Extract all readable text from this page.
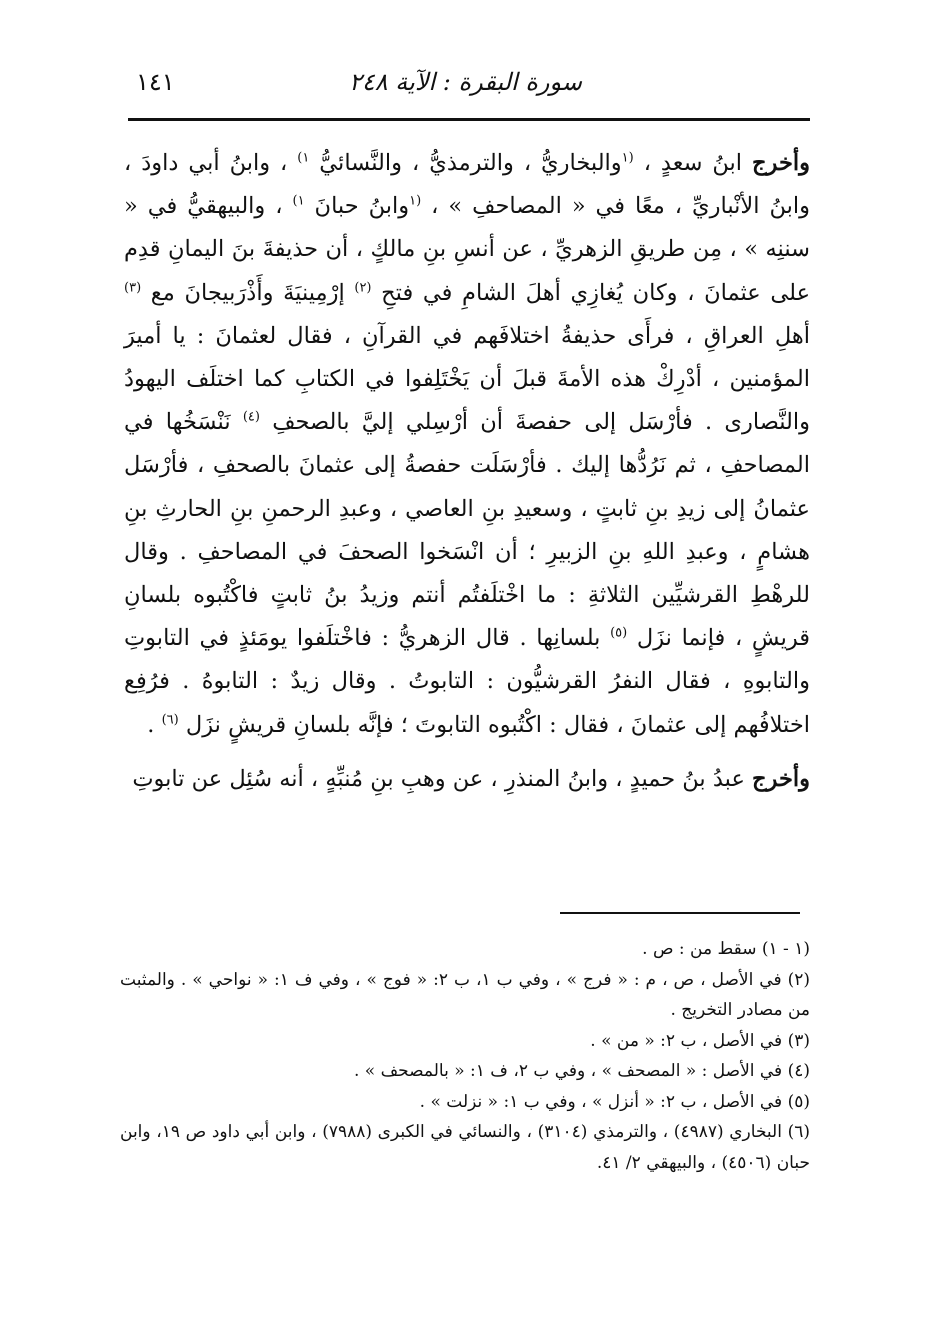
سورة البقرة : الآية ٢٤٨
١٤١

وأخرج ابنُ سعدٍ ، $^{(١}$والبخاريُّ ، والترمذيُّ ، والنَّسائيُّ $^{١)}$ ، وابنُ أبي داودَ ، وابنُ الأنْباريِّ ، معًا في « المصاحفِ » ، $^{(١}$وابنُ حبانَ $^{١)}$ ، والبيهقيُّ في « سننِه » ، مِن طريقِ الزهريِّ ، عن أنسِ بنِ مالكٍ ، أن حذيفةَ بنَ اليمانِ قدِم على عثمانَ ، وكان يُغازِي أهلَ الشامِ في فتحِ $^{(٢)}$ إرْمِينيَةَ وأَذْرَبيجانَ مع $^{(٣)}$ أهلِ العراقِ ، فرأَى حذيفةُ اختلافَهم في القرآنِ ، فقال لعثمانَ : يا أميرَ المؤمنين ، أدْرِكْ هذه الأمةَ قبلَ أن يَخْتَلِفوا في الكتابِ كما اختلَف اليهودُ والنَّصارى . فأرْسَل إلى حفصةَ أن أرْسِلي إليَّ بالصحفِ $^{(٤)}$ نَنْسَخُها في المصاحفِ ، ثم نَرُدُّها إليك . فأرْسَلَت حفصةُ إلى عثمانَ بالصحفِ ، فأرْسَل عثمانُ إلى زيدِ بنِ ثابتٍ ، وسعيدِ بنِ العاصي ، وعبدِ الرحمنِ بنِ الحارثِ بنِ هشامٍ ، وعبدِ اللهِ بنِ الزبيرِ ؛ أن انْسَخوا الصحفَ في المصاحفِ . وقال للرهْطِ القرشيِّين الثلاثةِ : ما اخْتلَفتُم أنتم وزيدُ بنُ ثابتٍ فاكْتُبوه بلسانِ قريشٍ ، فإنما نزَل $^{(٥)}$ بلسانِها . قال الزهريُّ : فاخْتلَفوا يومَئذٍ في التابوتِ والتابوهِ ، فقال النفرُ القرشيُّون : التابوتُ . وقال زيدٌ : التابوهُ . فرُفِع اختلافُهم إلى عثمانَ ، فقال : اكْتُبوه التابوتَ ؛ فإنَّه بلسانِ قريشٍ نزَل $^{(٦)}$ .

وأخرج عبدُ بنُ حميدٍ ، وابنُ المنذرِ ، عن وهبِ بنِ مُنبِّهٍ ، أنه سُئِل عن تابوتِ

(١ - ١) سقط من : ص .

(٢) في الأصل ، ص ، م : « فرج » ، وفي ب ١، ب ٢: « فوج » ، وفي ف ١: « نواحي » . والمثبت من مصادر التخريج .

(٣) في الأصل ، ب ٢: « من » .

(٤) في الأصل : « المصحف » ، وفي ب ٢، ف ١: « بالمصحف » .

(٥) في الأصل ، ب ٢: « أنزل » ، وفي ب ١: « نزلت » .

(٦) البخاري (٤٩٨٧) ، والترمذي (٣١٠٤) ، والنسائي في الكبرى (٧٩٨٨) ، وابن أبي داود ص ١٩، وابن حبان (٤٥٠٦) ، والبيهقي ٢/ ٤١.
